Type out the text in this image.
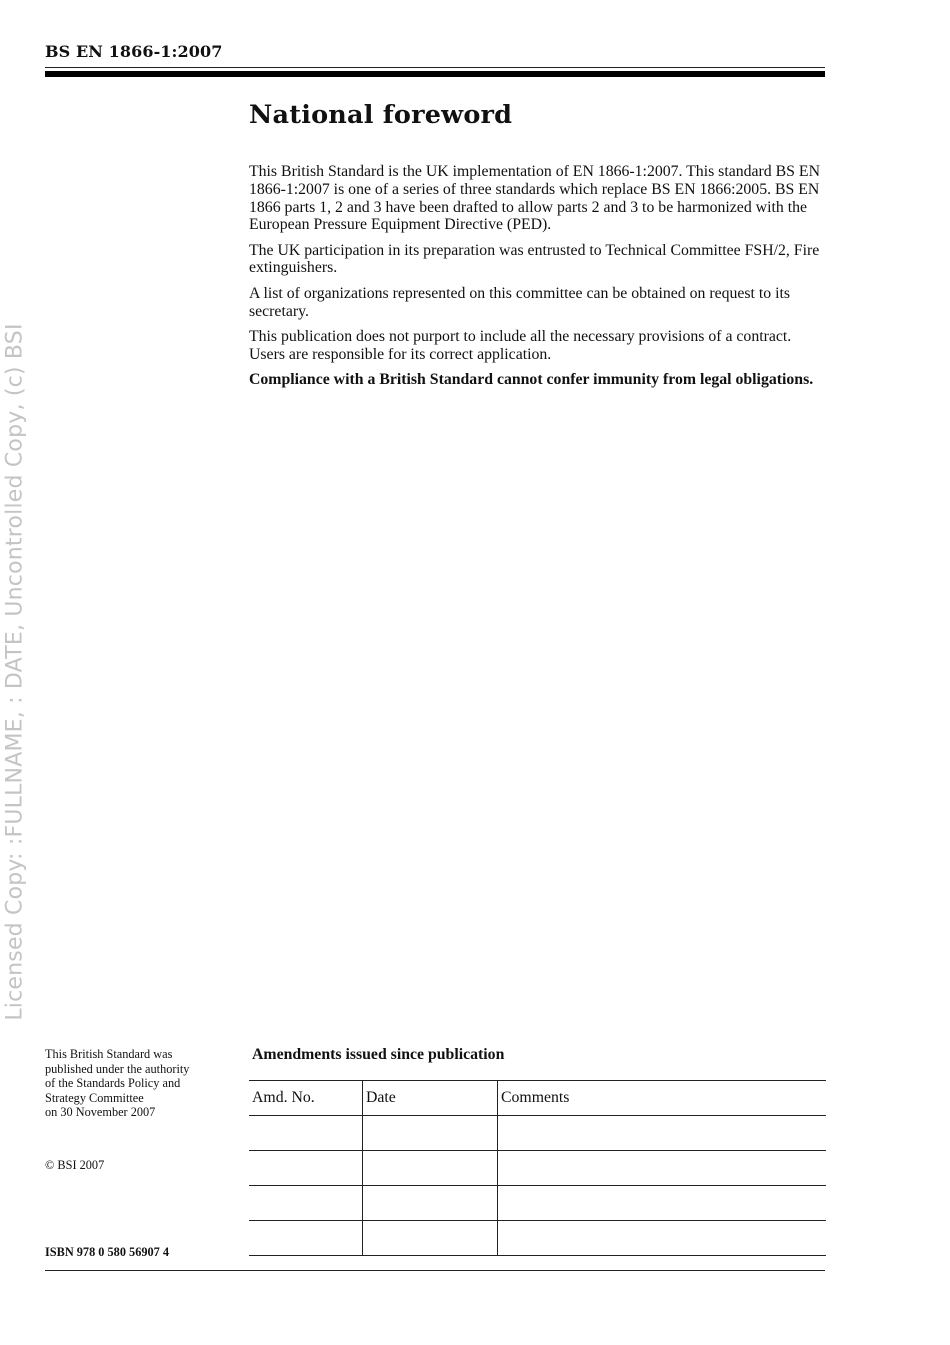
BS EN 1866-1:2007
Licensed Copy: :FULLNAME, : DATE, Uncontrolled Copy, (c) BSI
National foreword

This British Standard is the UK implementation of EN 1866-1:2007. This standard BS EN 1866-1:2007 is one of a series of three standards which replace BS EN 1866:2005. BS EN 1866 parts 1, 2 and 3 have been drafted to allow parts 2 and 3 to be harmonized with the European Pressure Equipment Directive (PED).

The UK participation in its preparation was entrusted to Technical Committee FSH/2, Fire extinguishers.

A list of organizations represented on this committee can be obtained on request to its secretary.

This publication does not purport to include all the necessary provisions of a contract. Users are responsible for its correct application.

Compliance with a British Standard cannot confer immunity from legal obligations.

This British Standard was
published under the authority
of the Standards Policy and
Strategy Committee
on 30 November 2007
© BSI 2007
ISBN 978 0 580 56907 4
Amendments issued since publication
Amd. No.	Date	Comments
